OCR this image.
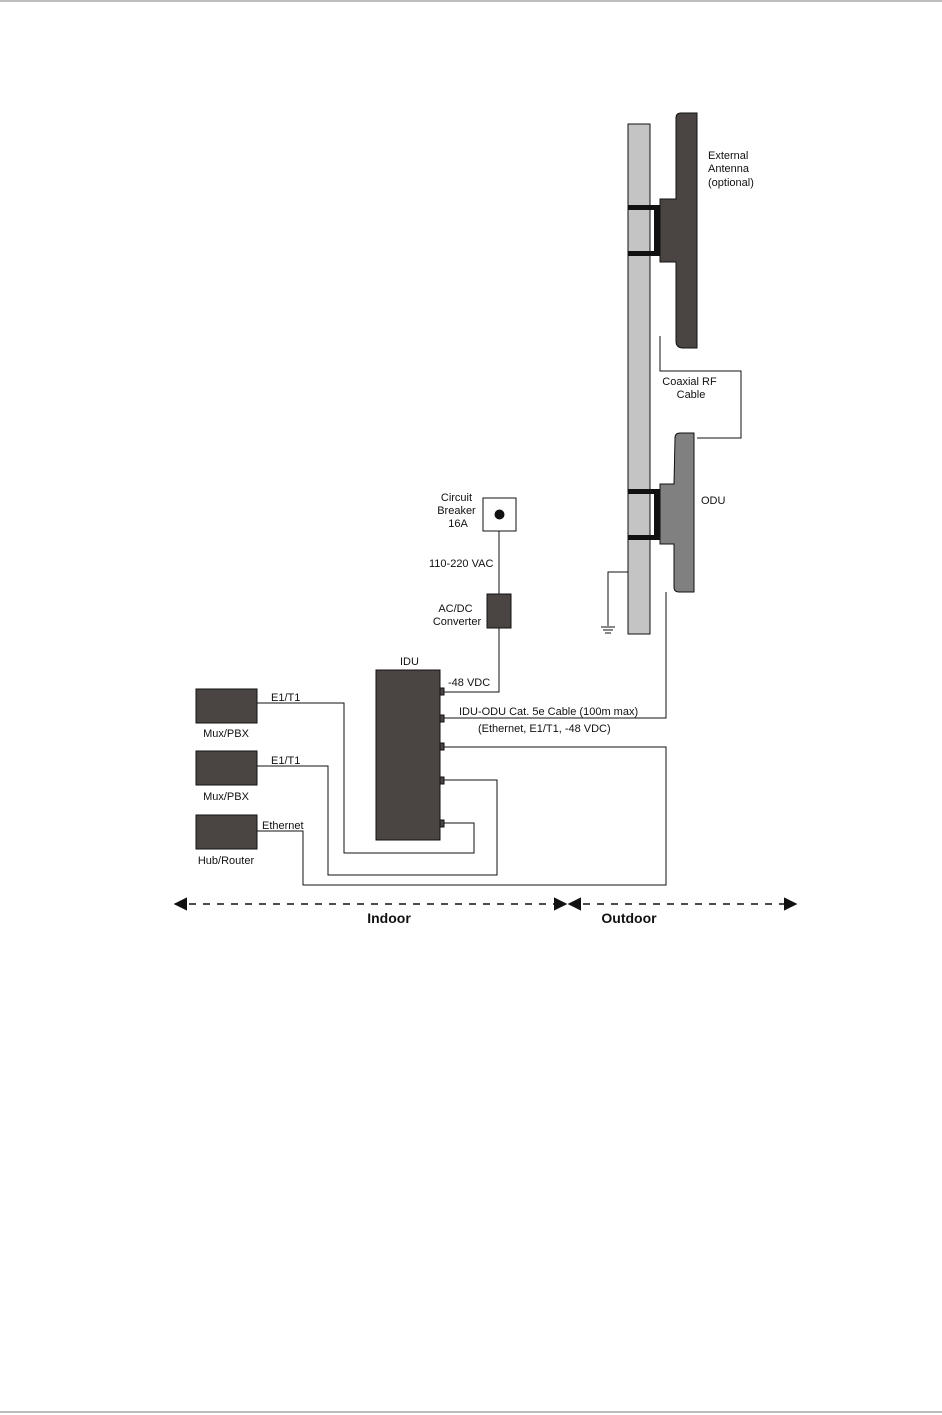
External Antenna (optional)
Coaxial RF Cable
ODU
Circuit Breaker 16A
110-220 VAC
AC/DC Converter
IDU
-48 VDC
IDU-ODU Cat. 5e Cable (100m max)
(Ethernet, E1/T1, -48 VDC)
Mux/PBX
Mux/PBX
Hub/Router
E1/T1
E1/T1
Ethernet
Indoor	Outdoor
